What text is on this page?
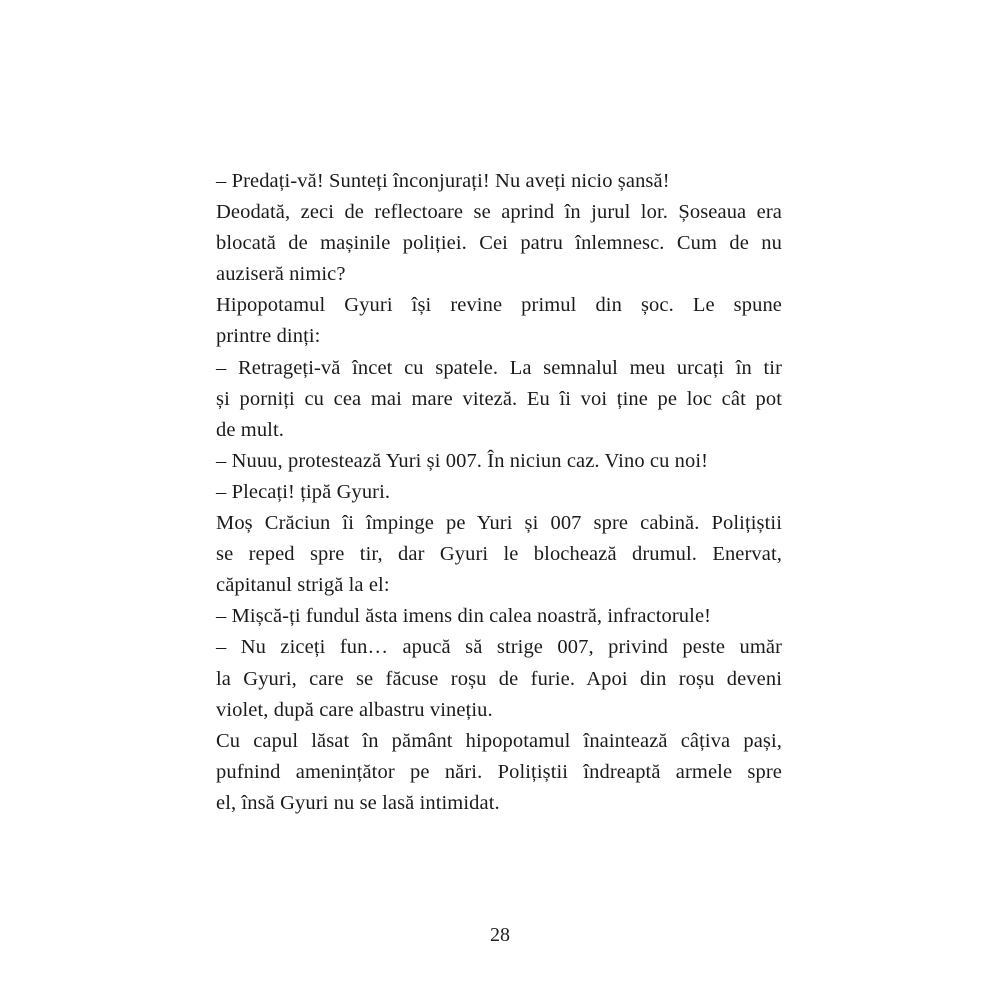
– Predați-vă! Sunteți înconjurați! Nu aveți nicio șansă!
Deodată, zeci de reflectoare se aprind în jurul lor. Șoseaua era
blocată de mașinile poliției. Cei patru înlemnesc. Cum de nu
auziseră nimic?
Hipopotamul Gyuri își revine primul din șoc. Le spune
printre dinți:
– Retrageți-vă încet cu spatele. La semnalul meu urcați în tir
și porniți cu cea mai mare viteză. Eu îi voi ține pe loc cât pot
de mult.
– Nuuu, protestează Yuri și 007. În niciun caz. Vino cu noi!
– Plecați! țipă Gyuri.
Moș Crăciun îi împinge pe Yuri și 007 spre cabină. Polițiștii
se reped spre tir, dar Gyuri le blochează drumul. Enervat,
căpitanul strigă la el:
– Mișcă-ți fundul ăsta imens din calea noastră, infractorule!
– Nu ziceți fun… apucă să strige 007, privind peste umăr
la Gyuri, care se făcuse roșu de furie. Apoi din roșu deveni
violet, după care albastru vinețiu.
Cu capul lăsat în pământ hipopotamul înaintează câțiva pași,
pufnind amenințător pe nări. Polițiștii îndreaptă armele spre
el, însă Gyuri nu se lasă intimidat.
28
